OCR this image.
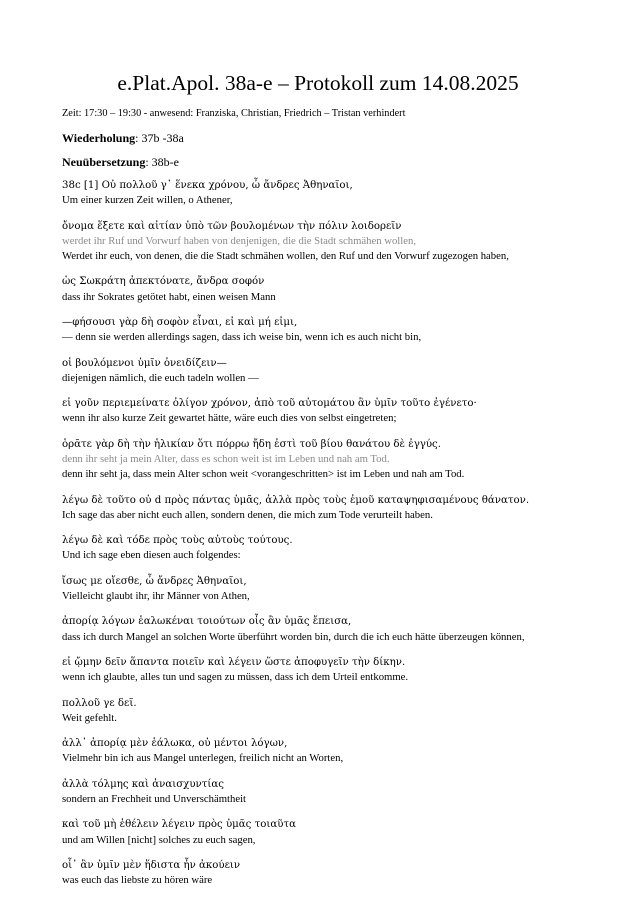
e.Plat.Apol. 38a-e – Protokoll zum 14.08.2025
Zeit: 17:30 – 19:30 - anwesend: Franziska, Christian, Friedrich – Tristan verhindert
Wiederholung: 37b -38a
Neuübersetzung: 38b-e
38c [1] Οὐ πολλοῦ γ᾽ ἕνεκα χρόνου, ὦ ἄνδρες Ἀθηναῖοι,
Um einer kurzen Zeit willen, o Athener,
ὄνομα ἕξετε καὶ αἰτίαν ὑπὸ τῶν βουλομένων τὴν πόλιν λοιδορεῖν
werdet ihr Ruf und Vorwurf haben von denjenigen, die die Stadt schmähen wollen,
Werdet ihr euch, von denen, die die Stadt schmähen wollen, den Ruf und den Vorwurf zugezogen haben,
ὡς Σωκράτη ἀπεκτόνατε, ἄνδρα σοφόν
dass ihr Sokrates getötet habt, einen weisen Mann
—φήσουσι γὰρ δὴ σοφὸν εἶναι, εἰ καὶ μή εἰμι,
— denn sie werden allerdings sagen, dass ich weise bin, wenn ich es auch nicht bin,
οἱ βουλόμενοι ὑμῖν ὀνειδίζειν—
diejenigen nämlich, die euch tadeln wollen —
εἰ γοῦν περιεμείνατε ὀλίγον χρόνον, ἀπὸ τοῦ αὐτομάτου ἂν ὑμῖν τοῦτο ἐγένετο·
wenn ihr also kurze Zeit gewartet hätte, wäre euch dies von selbst eingetreten;
ὁρᾶτε γὰρ δὴ τὴν ἡλικίαν ὅτι πόρρω ἤδη ἐστὶ τοῦ βίου θανάτου δὲ ἐγγύς.
denn ihr seht ja mein Alter, dass es schon weit ist im Leben und nah am Tod.
denn ihr seht ja, dass mein Alter schon weit <vorangeschritten> ist im Leben und nah am Tod.
λέγω δὲ τοῦτο οὐ d πρὸς πάντας ὑμᾶς, ἀλλὰ πρὸς τοὺς ἐμοῦ καταψηφισαμένους θάνατον.
Ich sage das aber nicht euch allen, sondern denen, die mich zum Tode verurteilt haben.
λέγω δὲ καὶ τόδε πρὸς τοὺς αὐτοὺς τούτους.
Und ich sage eben diesen auch folgendes:
ἴσως με οἴεσθε, ὦ ἄνδρες Ἀθηναῖοι,
Vielleicht glaubt ihr, ihr Männer von Athen,
ἀπορίᾳ λόγων ἑαλωκέναι τοιούτων οἷς ἂν ὑμᾶς ἔπεισα,
dass ich durch Mangel an solchen Worte überführt worden bin, durch die ich euch hätte überzeugen können,
εἰ ᾤμην δεῖν ἅπαντα ποιεῖν καὶ λέγειν ὥστε ἀποφυγεῖν τὴν δίκην.
wenn ich glaubte, alles tun und sagen zu müssen, dass ich dem Urteil entkomme.
πολλοῦ γε δεῖ.
Weit gefehlt.
ἀλλ᾽ ἀπορίᾳ μὲν ἑάλωκα, οὐ μέντοι λόγων,
Vielmehr bin ich aus Mangel unterlegen, freilich nicht an Worten,
ἀλλὰ τόλμης καὶ ἀναισχυντίας
sondern an Frechheit und Unverschämtheit
καὶ τοῦ μὴ ἐθέλειν λέγειν πρὸς ὑμᾶς τοιαῦτα
und am Willen [nicht] solches zu euch sagen,
οἷ᾽ ἂν ὑμῖν μὲν ἥδιστα ἦν ἀκούειν
was euch das liebste zu hören wäre
